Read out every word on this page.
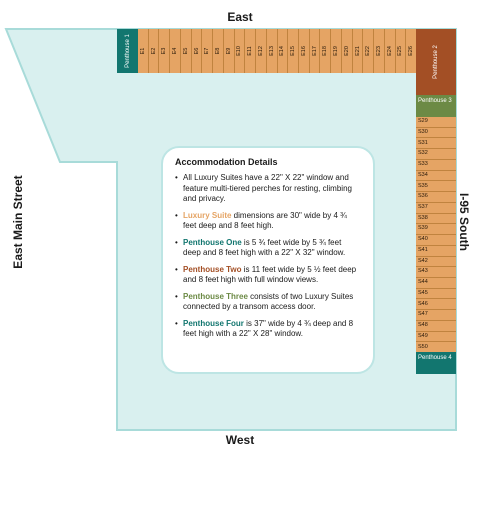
East
West
East Main Street	I-95 South
Penthouse 1 E1 E2 E3 E4 E5 E6 E7 E8 E9 E10 E11 E12 E13 E14 E15 E16 E17 E18 E19 E20 E21 E22 E23 E24 E25 E26	Penthouse 2
Penthouse 3
S29
S30
S31
S32
S33
S34
S35
S36
S37
S38
S39
S40
S41
S42
S43
S44
S45
S46
S47
S48
S49
S50
Penthouse 4
Accommodation Details
• All Luxury Suites have a 22" X 22" window and feature multi-tiered perches for resting, climbing and privacy.
• Luxury Suite dimensions are 30" wide by 4 ¾ feet deep and 8 feet high.
• Penthouse One is 5 ¾ feet wide by 5 ¾ feet deep and 8 feet high with a 22" X 32" window.
• Penthouse Two is 11 feet wide by 5 ½ feet deep and 8 feet high with full window views.
• Penthouse Three consists of two Luxury Suites connected by a transom access door.
• Penthouse Four is 37" wide by 4 ¾ deep and 8 feet high with a 22" X 28" window.
